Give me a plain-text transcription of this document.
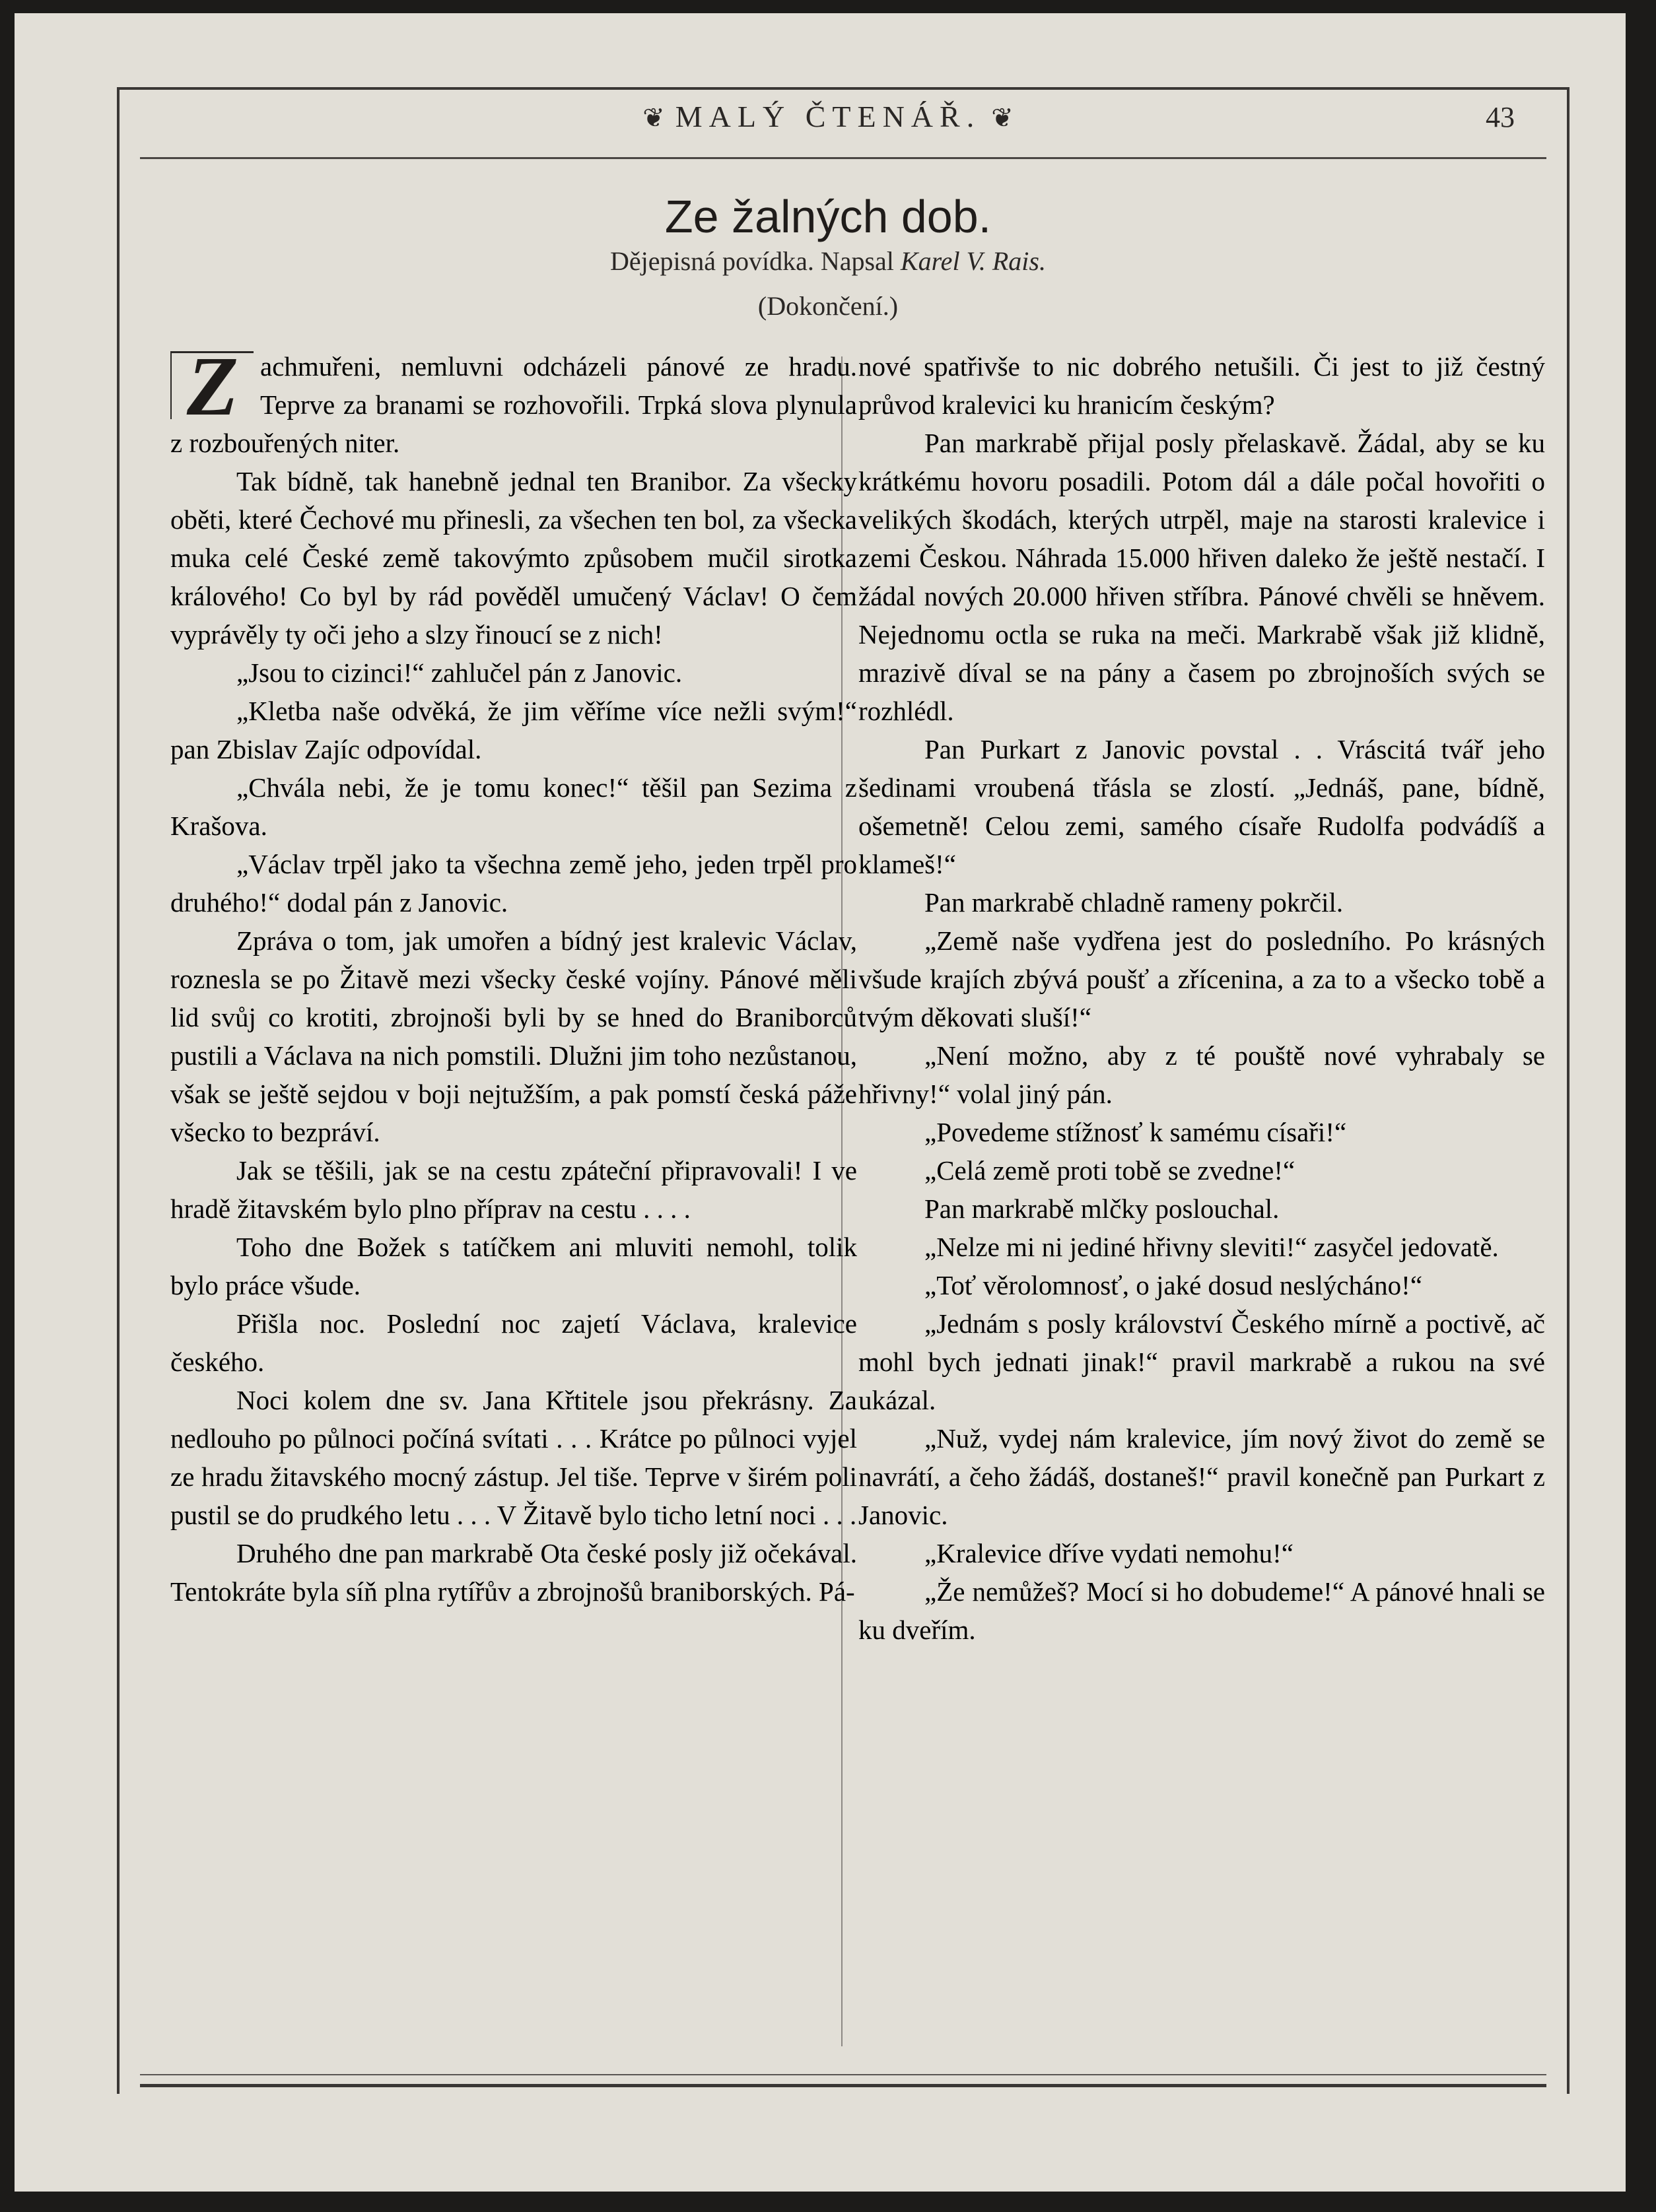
❦ MALÝ ČTENÁŘ. ❦	43
Ze žalných dob.
Dějepisná povídka. Napsal Karel V. Rais.
(Dokončení.)

Z achmuřeni, nemluvni odcházeli pánové ze hradu. Teprve za branami se rozhovořili. Trpká slova plynula z rozbouřených niter.

Tak bídně, tak hanebně jednal ten Branibor. Za všecky oběti, které Čechové mu přinesli, za všechen ten bol, za všecka muka celé České země takovýmto způsobem mučil sirotka králového! Co byl by rád pověděl umučený Václav! O čem vyprávěly ty oči jeho a slzy řinoucí se z nich!

„Jsou to cizinci!“ zahlučel pán z Janovic.

„Kletba naše odvěká, že jim věříme více nežli svým!“ pan Zbislav Zajíc odpovídal.

„Chvála nebi, že je tomu konec!“ těšil pan Sezima z Krašova.

„Václav trpěl jako ta všechna země jeho, jeden trpěl pro druhého!“ dodal pán z Janovic.

Zpráva o tom, jak umořen a bídný jest kralevic Václav, roznesla se po Žitavě mezi všecky české vojíny. Pánové měli lid svůj co krotiti, zbrojnoši byli by se hned do Braniborců pustili a Václava na nich pomstili. Dlužni jim toho nezůstanou, však se ještě sejdou v boji nejtužším, a pak pomstí česká páže všecko to bezpráví.

Jak se těšili, jak se na cestu zpáteční připravovali! I ve hradě žitavském bylo plno příprav na cestu . . . .

Toho dne Božek s tatíčkem ani mluviti nemohl, tolik bylo práce všude.

Přišla noc. Poslední noc zajetí Václava, kralevice českého.

Noci kolem dne sv. Jana Křtitele jsou překrásny. Za nedlouho po půlnoci počíná svítati . . . Krátce po půlnoci vyjel ze hradu žitavského mocný zástup. Jel tiše. Teprve v širém poli pustil se do prudkého letu . . . V Žitavě bylo ticho letní noci . . .

Druhého dne pan markrabě Ota české posly již očekával. Tentokráte byla síň plna rytířův a zbrojnošů braniborských. Pá-

nové spatřivše to nic dobrého netušili. Či jest to již čestný průvod kralevici ku hranicím českým?

Pan markrabě přijal posly přelaskavě. Žádal, aby se ku krátkému hovoru posadili. Potom dál a dále počal hovořiti o velikých škodách, kterých utrpěl, maje na starosti kralevice i zemi Českou. Náhrada 15.000 hřiven daleko že ještě nestačí. I žádal nových 20.000 hřiven stříbra. Pánové chvěli se hněvem. Nejednomu octla se ruka na meči. Markrabě však již klidně, mrazivě díval se na pány a časem po zbrojnoších svých se rozhlédl.

Pan Purkart z Janovic povstal . . Vráscitá tvář jeho šedinami vroubená třásla se zlostí. „Jednáš, pane, bídně, ošemetně! Celou zemi, samého císaře Rudolfa podvádíš a klameš!“

Pan markrabě chladně rameny pokrčil.

„Země naše vydřena jest do posledního. Po krásných všude krajích zbývá poušť a zřícenina, a za to a všecko tobě a tvým děkovati sluší!“

„Není možno, aby z té pouště nové vyhrabaly se hřivny!“ volal jiný pán.

„Povedeme stížnosť k samému císaři!“

„Celá země proti tobě se zvedne!“

Pan markrabě mlčky poslouchal.

„Nelze mi ni jediné hřivny sleviti!“ zasyčel jedovatě.

„Toť věrolomnosť, o jaké dosud neslýcháno!“

„Jednám s posly království Českého mírně a poctivě, ač mohl bych jednati jinak!“ pravil markrabě a rukou na své ukázal.

„Nuž, vydej nám kralevice, jím nový život do země se navrátí, a čeho žádáš, dostaneš!“ pravil konečně pan Purkart z Janovic.

„Kralevice dříve vydati nemohu!“

„Že nemůžeš? Mocí si ho dobudeme!“ A pánové hnali se ku dveřím.
